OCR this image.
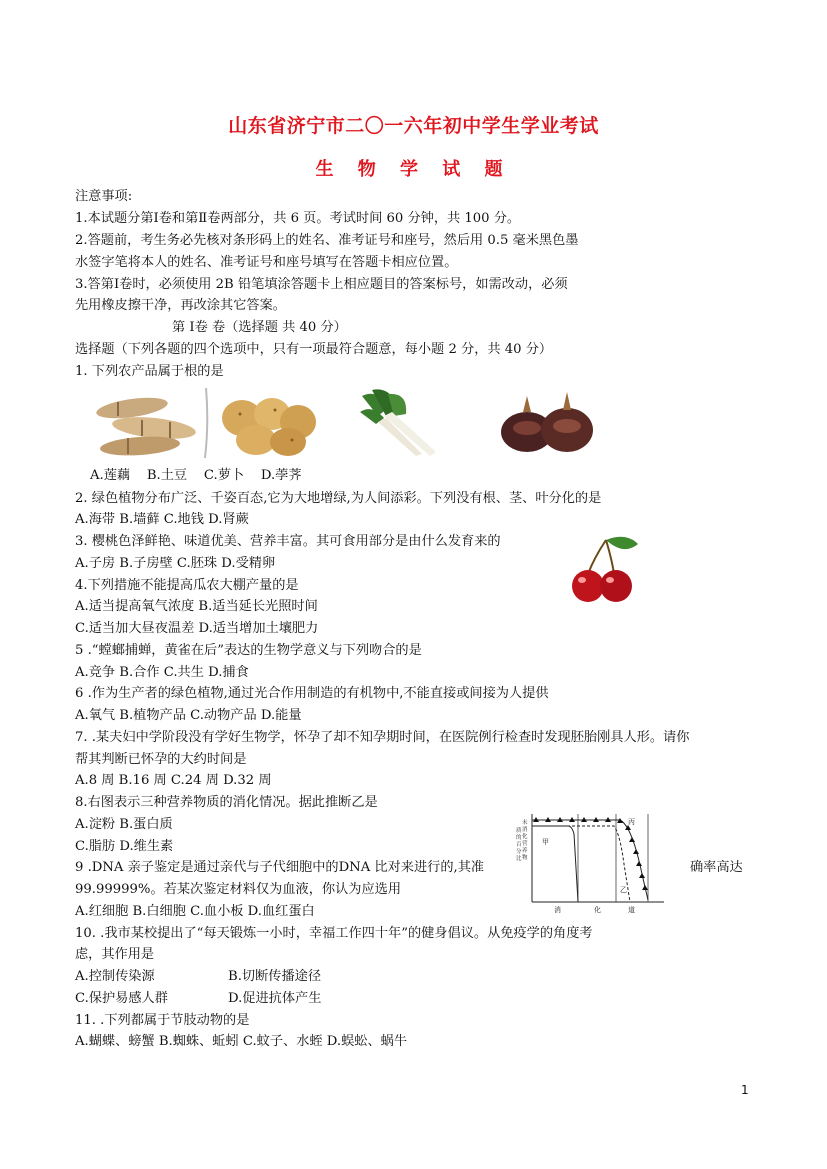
山东省济宁市二〇一六年初中学生学业考试
生 物 学 试 题
注意事项:
1.本试题分第Ⅰ卷和第Ⅱ卷两部分，共 6 页。考试时间 60 分钟，共 100 分。
2.答题前，考生务必先核对条形码上的姓名、准考证号和座号，然后用 0.5 毫米黑色墨
水签字笔将本人的姓名、准考证号和座号填写在答题卡相应位置。
3.答第Ⅰ卷时，必须使用 2B 铅笔填涂答题卡上相应题目的答案标号，如需改动，必须
先用橡皮擦干净，再改涂其它答案。
第 Ⅰ卷 卷（选择题 共 40 分）
选择题（下列各题的四个选项中，只有一项最符合题意，每小题 2 分，共 40 分）
1. 下列农产品属于根的是
A.莲藕    B.土豆    C.萝卜    D.荸荠
2. 绿色植物分布广泛、千姿百态,它为大地增绿,为人间添彩。下列没有根、茎、叶分化的是
A.海带 B.墙藓 C.地钱 D.肾蕨
3. 樱桃色泽鲜艳、味道优美、营养丰富。其可食用部分是由什么发育来的
A.子房 B.子房壁 C.胚珠 D.受精卵
4.下列措施不能提高瓜农大棚产量的是
A.适当提高氧气浓度 B.适当延长光照时间
C.适当加大昼夜温差 D.适当增加土壤肥力
5 .“螳螂捕蝉，黄雀在后”表达的生物学意义与下列吻合的是
A.竞争 B.合作 C.共生 D.捕食
6 .作为生产者的绿色植物,通过光合作用制造的有机物中,不能直接或间接为人提供
A.氧气 B.植物产品 C.动物产品 D.能量
7. .某夫妇中学阶段没有学好生物学，怀孕了却不知孕期时间，在医院例行检查时发现胚胎刚具人形。请你
帮其判断已怀孕的大约时间是
A.8 周 B.16 周 C.24 周 D.32 周
8.右图表示三种营养物质的消化情况。据此推断乙是
A.淀粉 B.蛋白质
C.脂肪 D.维生素
9 .DNA 亲子鉴定是通过亲代与子代细胞中的DNA 比对来进行的,其准	确率高达
99.99999%。若某次鉴定材料仅为血液，你认为应选用
A.红细胞 B.白细胞 C.血小板 D.血红蛋白
未
消
化
营
养
物
质
的
百
分
比
甲
乙
丙
消	化	道
10. .我市某校提出了“每天锻炼一小时，幸福工作四十年”的健身倡议。从免疫学的角度考
虑，其作用是
A.控制传染源	B.切断传播途径
C.保护易感人群	D.促进抗体产生
11. .下列都属于节肢动物的是
A.蝴蝶、螃蟹 B.蜘蛛、蚯蚓 C.蚊子、水蛭 D.蜈蚣、蜗牛
1
